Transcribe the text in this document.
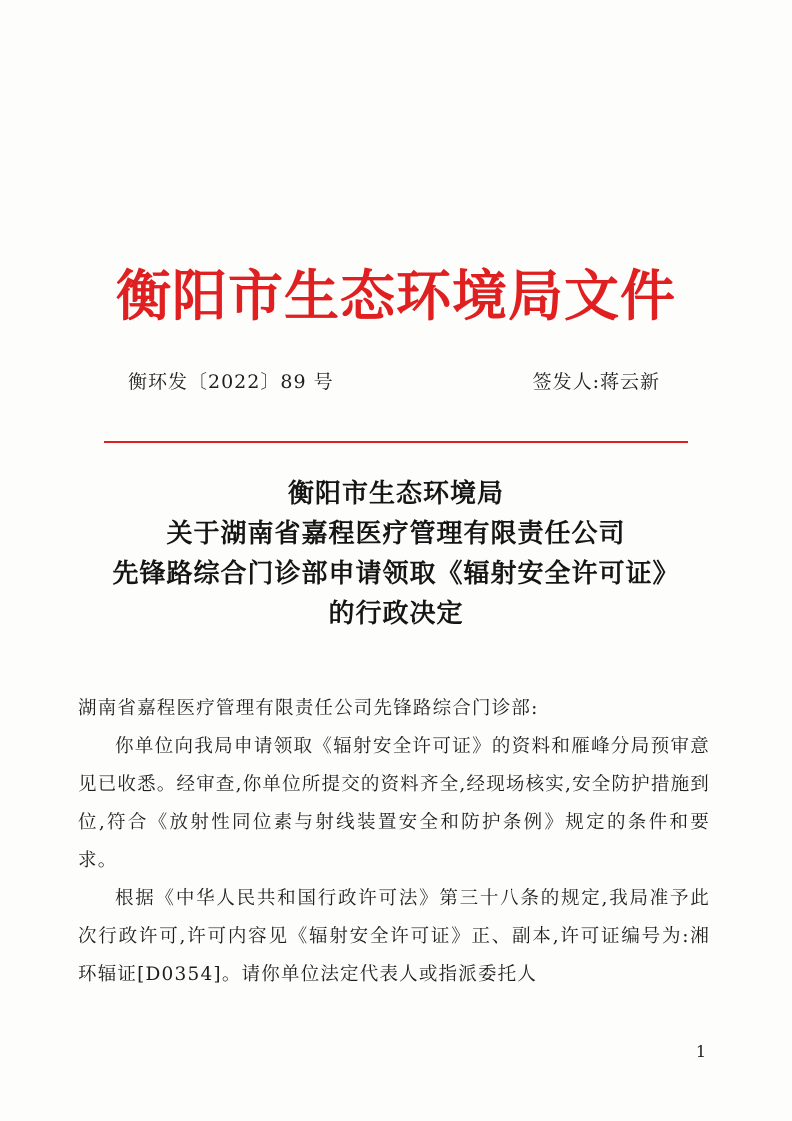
衡阳市生态环境局文件
衡环发〔2022〕89 号	签发人:蒋云新
衡阳市生态环境局
关于湖南省嘉程医疗管理有限责任公司
先锋路综合门诊部申请领取《辐射安全许可证》
的行政决定

湖南省嘉程医疗管理有限责任公司先锋路综合门诊部:

你单位向我局申请领取《辐射安全许可证》的资料和雁峰分局预审意见已收悉。经审查,你单位所提交的资料齐全,经现场核实,安全防护措施到位,符合《放射性同位素与射线装置安全和防护条例》规定的条件和要求。

根据《中华人民共和国行政许可法》第三十八条的规定,我局准予此次行政许可,许可内容见《辐射安全许可证》正、副本,许可证编号为:湘环辐证[D0354]。请你单位法定代表人或指派委托人

1
